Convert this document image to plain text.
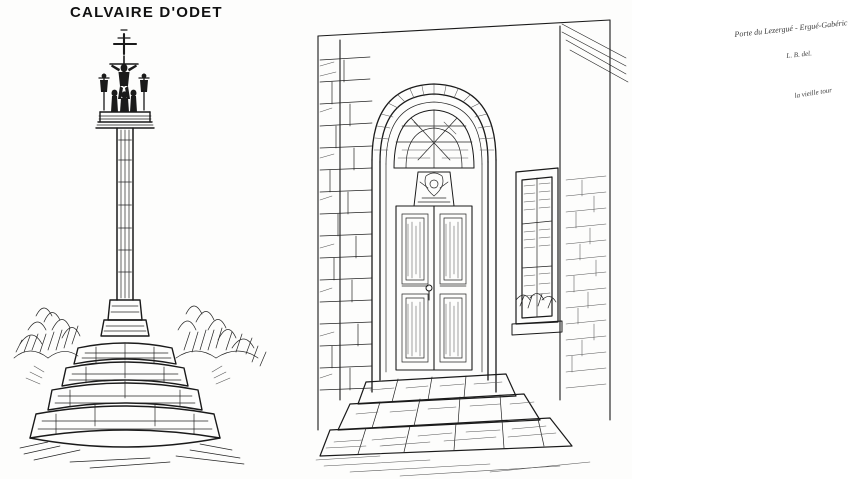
CALVAIRE D'ODET
Porte du Lezergué - Ergué-Gabéric
L. B. del.
la vieille tour
